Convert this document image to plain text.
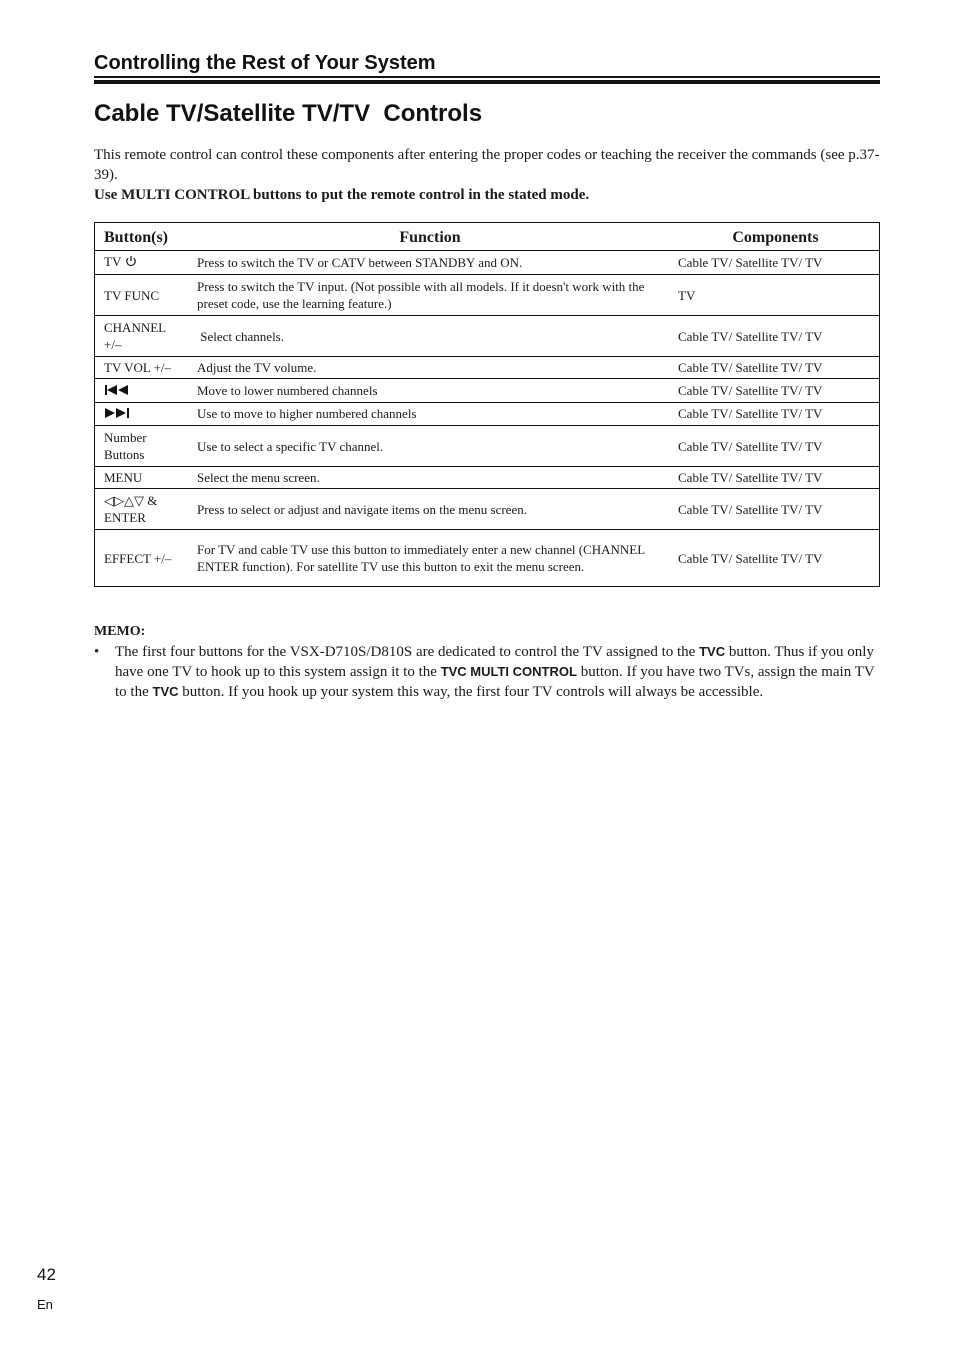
Controlling the Rest of Your System
Cable TV/Satellite TV/TV  Controls
This remote control can control these components after entering the proper codes or teaching the receiver the commands (see p.37-39).
Use MULTI CONTROL buttons to put the remote control in the stated mode.
Button(s)	Function	Components
TV	Press to switch the TV or CATV between STANDBY and ON.	Cable TV/ Satellite TV/ TV
TV FUNC	Press to switch the TV input. (Not possible with all models. If it doesn't work with the preset code, use the learning feature.)	TV
CHANNEL +/–	Select channels.	Cable TV/ Satellite TV/ TV
TV VOL +/–	Adjust the TV volume.	Cable TV/ Satellite TV/ TV
	Move to lower numbered channels	Cable TV/ Satellite TV/ TV
	Use to move to higher numbered channels	Cable TV/ Satellite TV/ TV
Number Buttons	Use to select a specific TV channel.	Cable TV/ Satellite TV/ TV
MENU	Select the menu screen.	Cable TV/ Satellite TV/ TV
◁▷△▽ & ENTER	Press to select or adjust and navigate items on the menu screen.	Cable TV/ Satellite TV/ TV
EFFECT +/–	For TV and cable TV use this button to immediately enter a new channel (CHANNEL ENTER function). For satellite TV use this button to exit the menu screen.	Cable TV/ Satellite TV/ TV
MEMO:
•	The first four buttons for the VSX-D710S/D810S are dedicated to control the TV assigned to the TVC button. Thus if you only have one TV to hook up to this system assign it to the TVC MULTI CONTROL button. If you have two TVs, assign the main TV to the TVC button. If you hook up your system this way, the first four TV controls will always be accessible.
42
En
